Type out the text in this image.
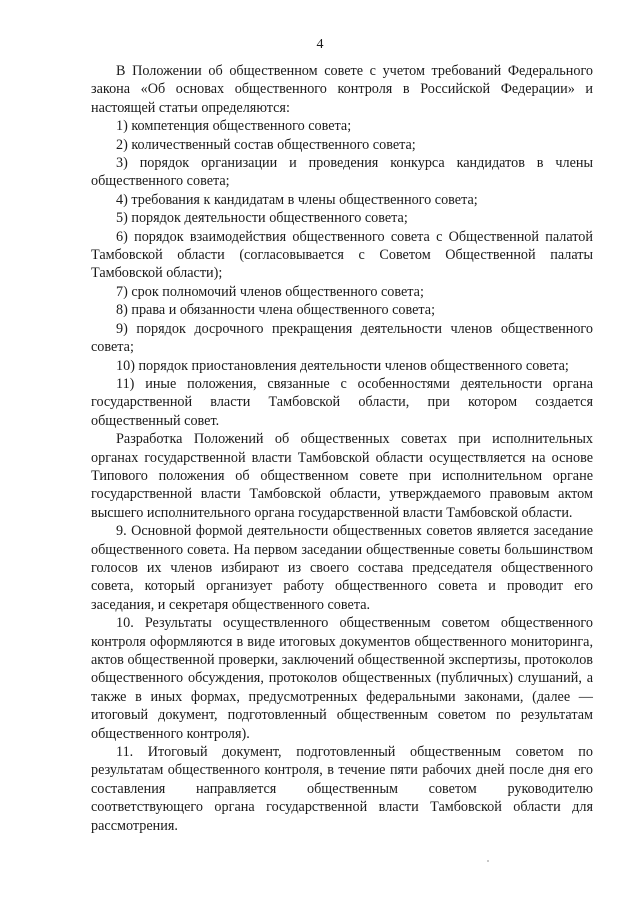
4

В Положении об общественном совете с учетом требований Федерального закона «Об основах общественного контроля в Российской Федерации» и настоящей статьи определяются:

1) компетенция общественного совета;

2) количественный состав общественного совета;

3) порядок организации и проведения конкурса кандидатов в члены общественного совета;

4) требования к кандидатам в члены общественного совета;

5) порядок деятельности общественного совета;

6) порядок взаимодействия общественного совета с Общественной палатой Тамбовской области (согласовывается с Советом Общественной палаты Тамбовской области);

7) срок полномочий членов общественного совета;

8) права и обязанности члена общественного совета;

9) порядок досрочного прекращения деятельности членов общественного совета;

10) порядок приостановления деятельности членов общественного совета;

11) иные положения, связанные с особенностями деятельности органа государственной власти Тамбовской области, при котором создается общественный совет.

Разработка Положений об общественных советах при исполнительных органах государственной власти Тамбовской области осуществляется на основе Типового положения об общественном совете при исполнительном органе государственной власти Тамбовской области, утверждаемого правовым актом высшего исполнительного органа государственной власти Тамбовской области.

9. Основной формой деятельности общественных советов является заседание общественного совета. На первом заседании общественные советы большинством голосов их членов избирают из своего состава председателя общественного совета, который организует работу общественного совета и проводит его заседания, и секретаря общественного совета.

10. Результаты осуществленного общественным советом общественного контроля оформляются в виде итоговых документов общественного мониторинга, актов общественной проверки, заключений общественной экспертизы, протоколов общественного обсуждения, протоколов общественных (публичных) слушаний, а также в иных формах, предусмотренных федеральными законами, (далее — итоговый документ, подготовленный общественным советом по результатам общественного контроля).

11. Итоговый документ, подготовленный общественным советом по результатам общественного контроля, в течение пяти рабочих дней после дня его составления направляется общественным советом руководителю соответствующего органа государственной власти Тамбовской области для рассмотрения.
